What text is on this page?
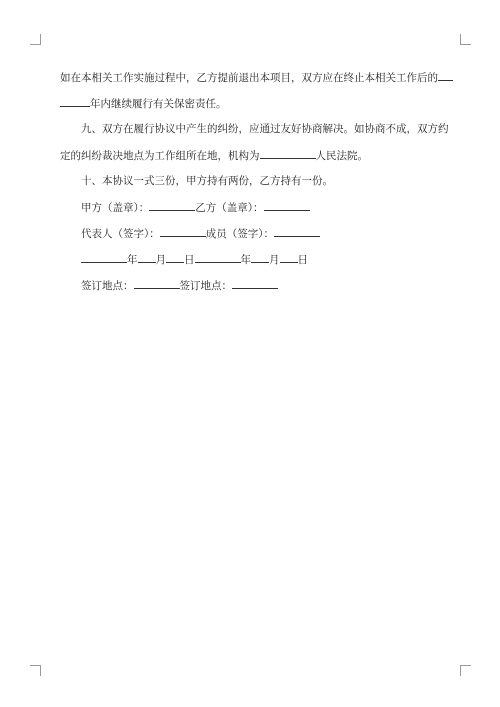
如在本相关工作实施过程中，乙方提前退出本项目，双方应在终止本相关工作后的
年内继续履行有关保密责任。
九、双方在履行协议中产生的纠纷，应通过友好协商解决。如协商不成，双方约
定的纠纷裁决地点为工作组所在地，机构为	人民法院。
十、本协议一式三份，甲方持有两份，乙方持有一份。
甲方（盖章）：	乙方（盖章）：
代表人（签字）：	成员（签字）：
年 月 日	年 月 日
签订地点：	签订地点：
